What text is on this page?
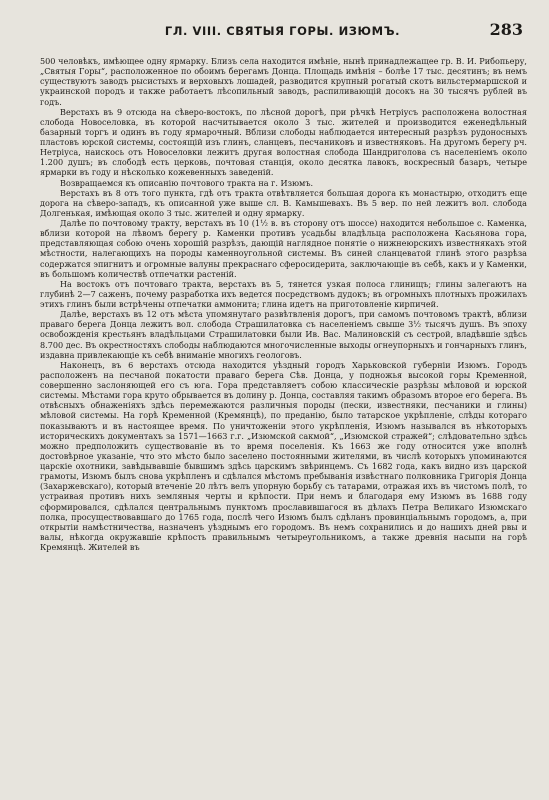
ГЛ. VIII. СВЯТЫЯ ГОРЫ. ИЗЮМЪ.	283

500 человѣкъ, имѣющее одну ярмарку. Близъ села находится имѣніе, нынѣ принадлежащее гр. В. И. Рибопьеру, „Святыя Горы“, расположенное по обоимъ берегамъ Донца. Площадь имѣнія – болѣе 17 тыс. десятинъ; въ немъ существуютъ заводъ рысистыхъ и верховыхъ лошадей, разводится крупный рогатый скотъ вильстермаршской и украинской породъ и также работаетъ лѣсопильный заводъ, распиливающій досокъ на 30 тысячъ рублей въ годъ.

Верстахъ въ 9 отсюда на сѣверо-востокъ, по лѣсной дорогѣ, при рѣчкѣ Нетріусъ расположена волостная слобода Новоселовка, въ которой насчитывается около 3 тыс. жителей и производится еженедѣльный базарный торгъ и одинъ въ году ярмарочный. Вблизи слободы наблюдается интересный разрѣзъ рудоносныхъ пластовъ юрской системы, состоящій изъ глинъ, сланцевъ, песчаниковъ и известняковъ. На другомъ берегу рч. Нетріуса, наискось отъ Новоселовки лежитъ другая волостная слобода Шандриголова съ населеніемъ около 1.200 душъ; въ слободѣ есть церковь, почтовая станція, около десятка лавокъ, воскресный базаръ, четыре ярмарки въ году и нѣсколько кожевенныхъ заведеній.

Возвращаемся къ описанію почтового тракта на г. Изюмъ.

Верстахъ въ 8 отъ того пункта, гдѣ отъ тракта отвѣтвляется большая дорога къ монастырю, отходитъ еще дорога на сѣверо-западъ, къ описанной уже выше сл. В. Камышевахъ. Въ 5 вер. по ней лежитъ вол. слобода Долгенькая, имѣющая около 3 тыс. жителей и одну ярмарку.

Далѣе по почтовому тракту, верстахъ въ 10 (1½ в. въ сторону отъ шоссе) находится небольшое с. Каменка, вблизи которой на лѣвомъ берегу р. Каменки противъ усадьбы владѣльца расположена Касьянова гора, представляющая собою очень хорошій разрѣзъ, дающій наглядное понятіе о нижнеюрскихъ известнякахъ этой мѣстности, налегающихъ на породы каменноугольной системы. Въ синей сланцеватой глинѣ этого разрѣза содержатся эпигнитъ и огромные валуны прекраснаго сферосидерита, заключающіе въ себѣ, какъ и у Каменки, въ большомъ количествѣ отпечатки растеній.

На востокъ отъ почтоваго тракта, верстахъ въ 5, тянется узкая полоса глинищъ; глины залегаютъ на глубинѣ 2—7 саженъ, почему разработка ихъ ведется посредствомъ дудокъ; въ огромныхъ плотныхъ прожилахъ этихъ глинъ были встрѣчены отпечатки аммонита; глина идетъ на приготовленіе кирпичей.

Далѣе, верстахъ въ 12 отъ мѣста упомянутаго развѣтвленія дорогъ, при самомъ почтовомъ трактѣ, вблизи праваго берега Донца лежитъ вол. слобода Страшилатовка съ населеніемъ свыше 3½ тысячъ душъ. Въ эпоху освобожденія крестьянъ владѣльцами Страшилатовки были Ив. Вас. Малиновскій съ сестрой, владѣвшіе здѣсь 8.700 дес. Въ окрестностяхъ слободы наблюдаются многочисленные выходы огнеупорныхъ и гончарныхъ глинъ, издавна привлекающіе къ себѣ вниманіе многихъ геологовъ.

Наконецъ, въ 6 верстахъ отсюда находится уѣздный городъ Харьковской губерніи Изюмъ. Городъ расположенъ на песчаной покатости праваго берега Сѣв. Донца, у подножья высокой горы Кременной, совершенно заслоняющей его съ юга. Гора представляетъ собою классическіе разрѣзы мѣловой и юрской системы. Мѣстами гора круто обрывается въ долину р. Донца, составляя такимъ образомъ второе его берега. Въ отвѣсныхъ обнаженіяхъ здѣсь перемежаются различныя породы (пески, известняки, песчаники и глины) мѣловой системы. На горѣ Кременной (Кремянцѣ), по преданію, было татарское укрѣпленіе, слѣды котораго показываютъ и въ настоящее время. По уничтоженіи этого укрѣпленія, Изюмъ назывался въ нѣкоторыхъ историческихъ документахъ за 1571—1663 г.г. „Изюмской сакмой“, „Изюмской стражей“; слѣдовательно здѣсь можно предположить существованіе въ то время поселенія. Къ 1663 же году относится уже вполнѣ достовѣрное указаніе, что это мѣсто было заселено постоянными жителями, въ числѣ которыхъ упоминаются царскіе охотники, завѣдывавшіе бывшимъ здѣсь царскимъ звѣринцемъ. Съ 1682 года, какъ видно изъ царской грамоты, Изюмъ былъ снова укрѣпленъ и сдѣлался мѣстомъ пребыванія извѣстнаго полковника Григорія Донца (Захаржевскаго), который втеченіе 20 лѣтъ велъ упорную борьбу съ татарами, отражая ихъ въ чистомъ полѣ, то устраивая противъ нихъ земляныя черты и крѣпости. При немъ и благодаря ему Изюмъ въ 1688 году сформировался, сдѣлался центральнымъ пунктомъ прославившагося въ дѣлахъ Петра Великаго Изюмскаго полка, просуществовавшаго до 1765 года, послѣ чего Изюмъ былъ сдѣланъ провинціальнымъ городомъ, а, при открытіи намѣстничества, назначенъ уѣзднымъ его городомъ. Въ немъ сохранились и до нашихъ дней рвы и валы, нѣкогда окружавшіе крѣпость правильнымъ четыреугольникомъ, а также древнія насыпи на горѣ Кремянцѣ. Жителей въ
